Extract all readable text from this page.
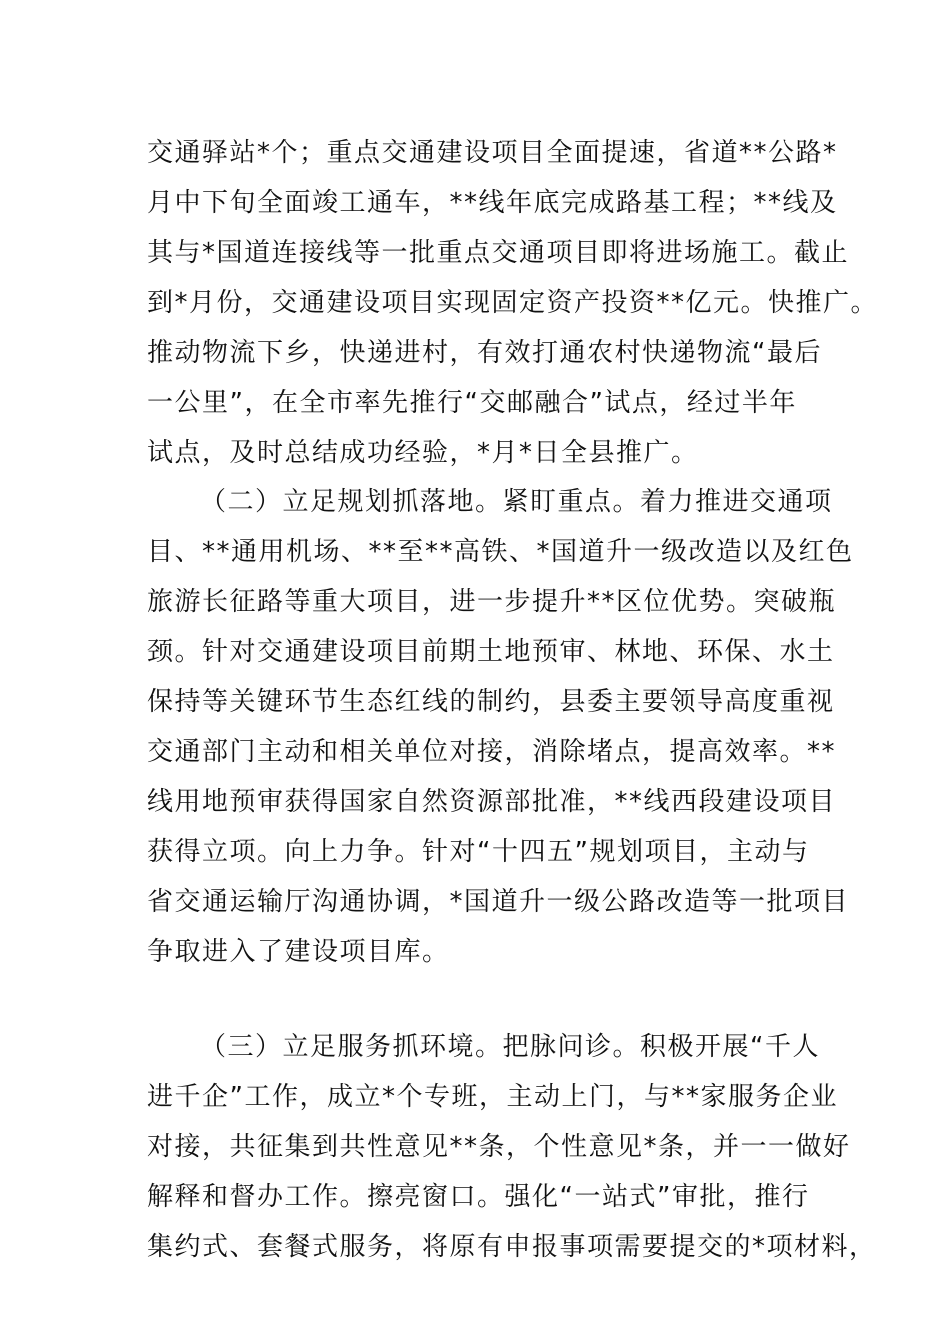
交通驿站*个；重点交通建设项目全面提速，省道**公路*
月中下旬全面竣工通车，**线年底完成路基工程；**线及
其与*国道连接线等一批重点交通项目即将进场施工。截止
到*月份，交通建设项目实现固定资产投资**亿元。快推广。
推动物流下乡，快递进村，有效打通农村快递物流“最后
一公里”，在全市率先推行“交邮融合”试点，经过半年
试点，及时总结成功经验，*月*日全县推广。
（二）立足规划抓落地。紧盯重点。着力推进交通项
目、**通用机场、**至**高铁、*国道升一级改造以及红色
旅游长征路等重大项目，进一步提升**区位优势。突破瓶
颈。针对交通建设项目前期土地预审、林地、环保、水土
保持等关键环节生态红线的制约，县委主要领导高度重视
交通部门主动和相关单位对接，消除堵点，提高效率。**
线用地预审获得国家自然资源部批准，**线西段建设项目
获得立项。向上力争。针对“十四五”规划项目，主动与
省交通运输厅沟通协调，*国道升一级公路改造等一批项目
争取进入了建设项目库。
（三）立足服务抓环境。把脉问诊。积极开展“千人
进千企”工作，成立*个专班，主动上门，与**家服务企业
对接，共征集到共性意见**条，个性意见*条，并一一做好
解释和督办工作。擦亮窗口。强化“一站式”审批，推行
集约式、套餐式服务，将原有申报事项需要提交的*项材料，
